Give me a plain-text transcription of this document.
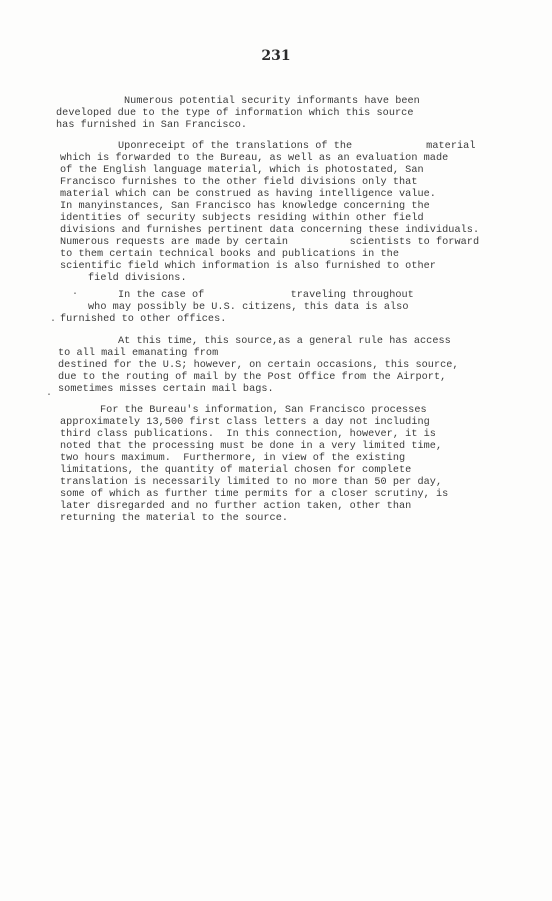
231
Numerous potential security informants have been
developed due to the type of information which this source
has furnished in San Francisco.
Uponreceipt of the translations of the            material
which is forwarded to the Bureau, as well as an evaluation made
of the English language material, which is photostated, San
Francisco furnishes to the other field divisions only that
material which can be construed as having intelligence value.
In manyinstances, San Francisco has knowledge concerning the
identities of security subjects residing within other field
divisions and furnishes pertinent data concerning these individuals.
Numerous requests are made by certain          scientists to forward
to them certain technical books and publications in the
scientific field which information is also furnished to other
field divisions.
In the case of              traveling throughout
who may possibly be U.S. citizens, this data is also
furnished to other offices.
At this time, this source,as a general rule has access
to all mail emanating from
destined for the U.S; however, on certain occasions, this source,
due to the routing of mail by the Post Office from the Airport,
sometimes misses certain mail bags.
For the Bureau's information, San Francisco processes
approximately 13,500 first class letters a day not including
third class publications.  In this connection, however, it is
noted that the processing must be done in a very limited time,
two hours maximum.  Furthermore, in view of the existing
limitations, the quantity of material chosen for complete
translation is necessarily limited to no more than 50 per day,
some of which as further time permits for a closer scrutiny, is
later disregarded and no further action taken, other than
returning the material to the source.
·
·
·
